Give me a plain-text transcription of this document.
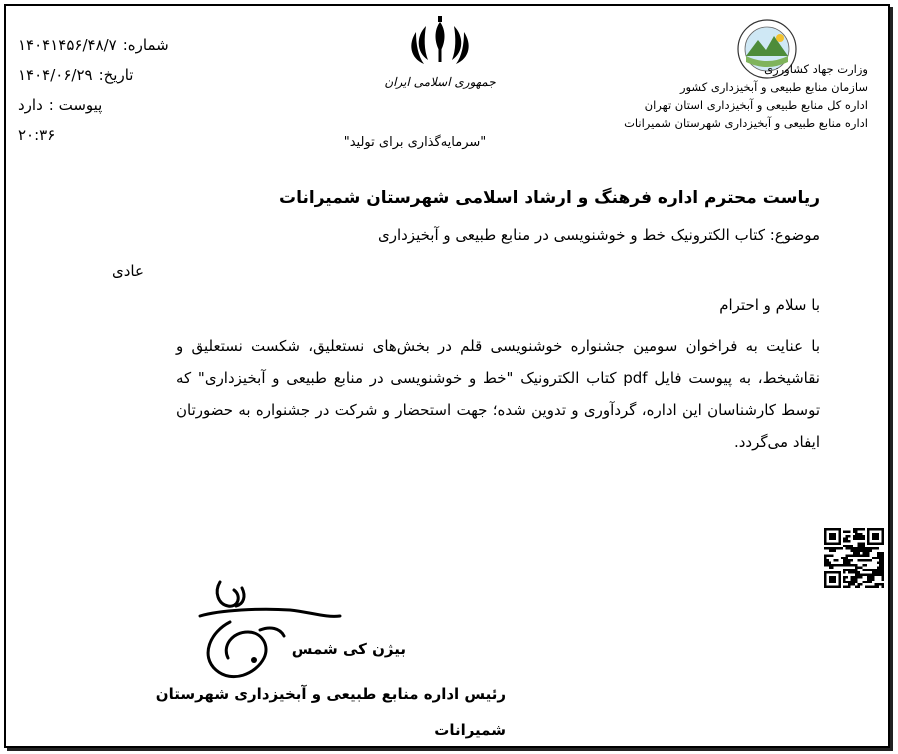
شماره:
۱۴۰۴۱۴۵۶/۴۸/۷
تاریخ:
۱۴۰۴/۰۶/۲۹
پیوست :
دارد
۲۰:۳۶
جمهوری اسلامی ایران
"سرمایه‌گذاری برای تولید"
وزارت جهاد کشاورزی
سازمان منابع طبیعی و آبخیزداری کشور
اداره کل منابع طبیعی و آبخیزداری استان تهران
اداره منابع طبیعی و آبخیزداری شهرستان شمیرانات
ریاست محترم اداره فرهنگ و ارشاد اسلامی شهرستان شمیرانات
موضوع: کتاب الکترونیک خط و خوشنویسی در منابع طبیعی و آبخیزداری
عادی
با سلام و احترام
با عنایت به فراخوان سومین جشنواره خوشنویسی قلم در بخش‌های نستعلیق، شکست نستعلیق و نقاشیخط، به پیوست فایل pdf کتاب الکترونیک "خط و خوشنویسی در منابع طبیعی و آبخیزداری" که توسط کارشناسان این اداره، گردآوری و تدوین شده؛ جهت استحضار و شرکت در جشنواره به حضورتان ایفاد می‌گردد.
بیژن کی شمس
رئیس اداره منابع طبیعی و آبخیزداری شهرستان شمیرانات
